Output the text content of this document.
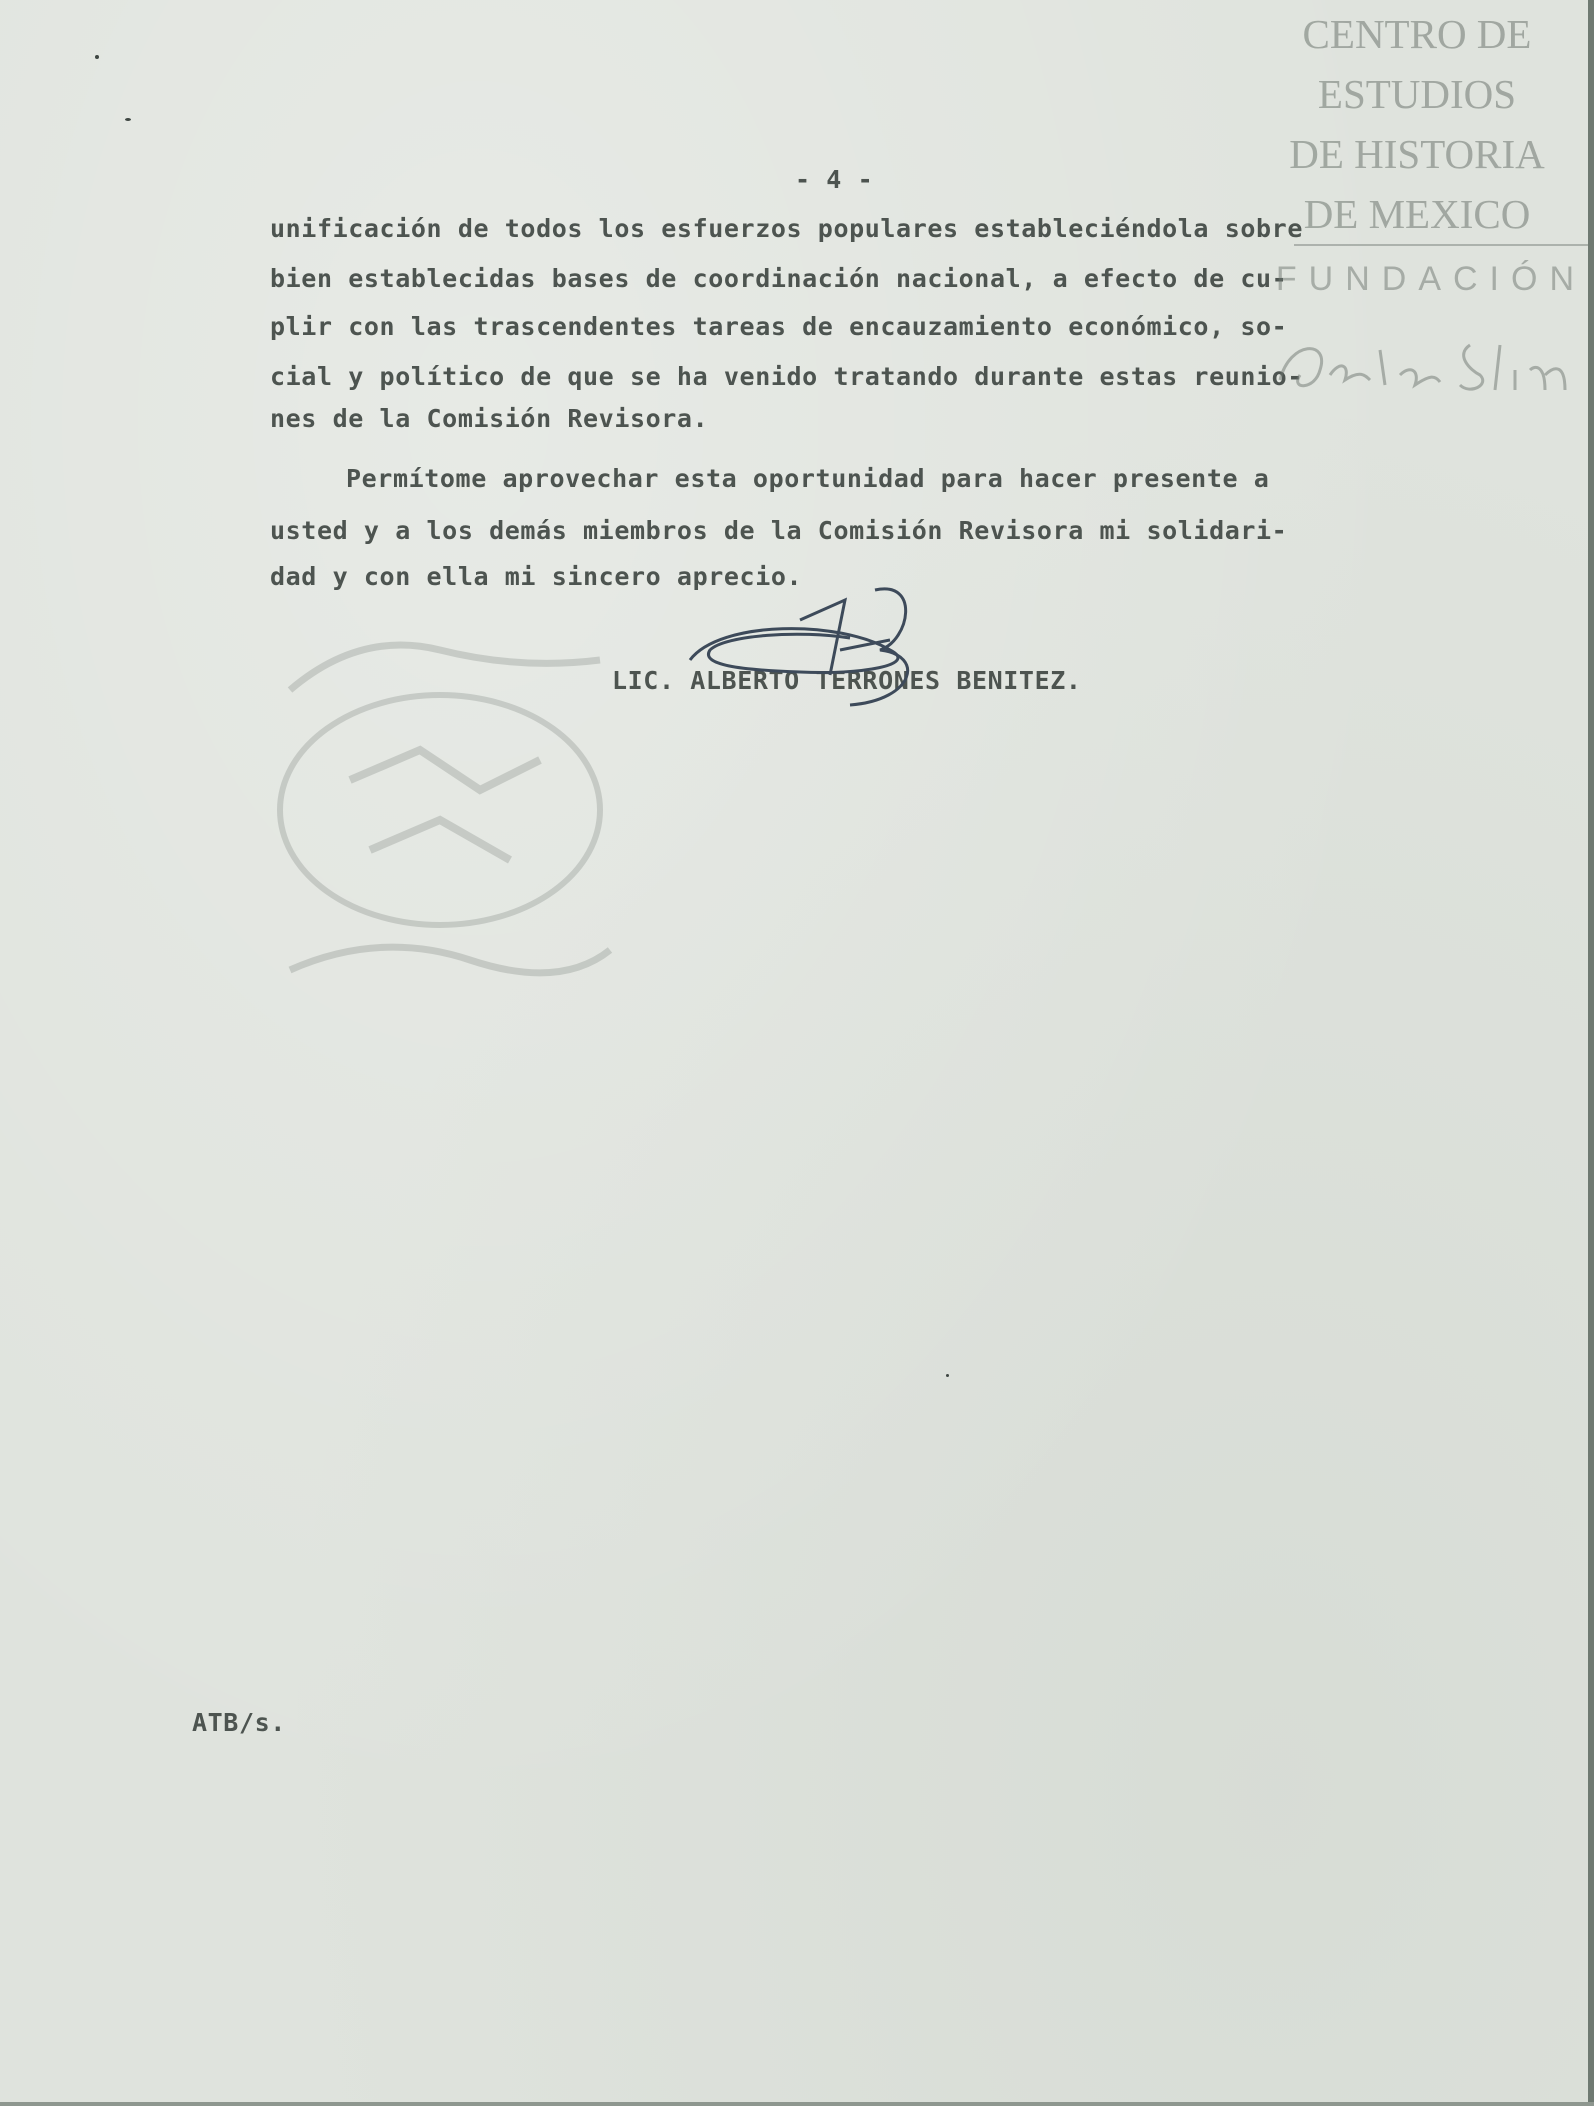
- 4 -
unificación de todos los esfuerzos populares estableciéndola sobre
bien establecidas bases de coordinación nacional, a efecto de cu-
plir con las trascendentes tareas de encauzamiento económico, so-
cial y político de que se ha venido tratando durante estas reunio-
nes de la Comisión Revisora.
Permítome aprovechar esta oportunidad para hacer presente a
usted y a los demás miembros de la Comisión Revisora mi solidari-
dad y con ella mi sincero aprecio.
LIC. ALBERTO TERRONES BENITEZ.
ATB/s.
CENTRO DE
ESTUDIOS
DE HISTORIA
DE MEXICO
FUNDACIÓN
